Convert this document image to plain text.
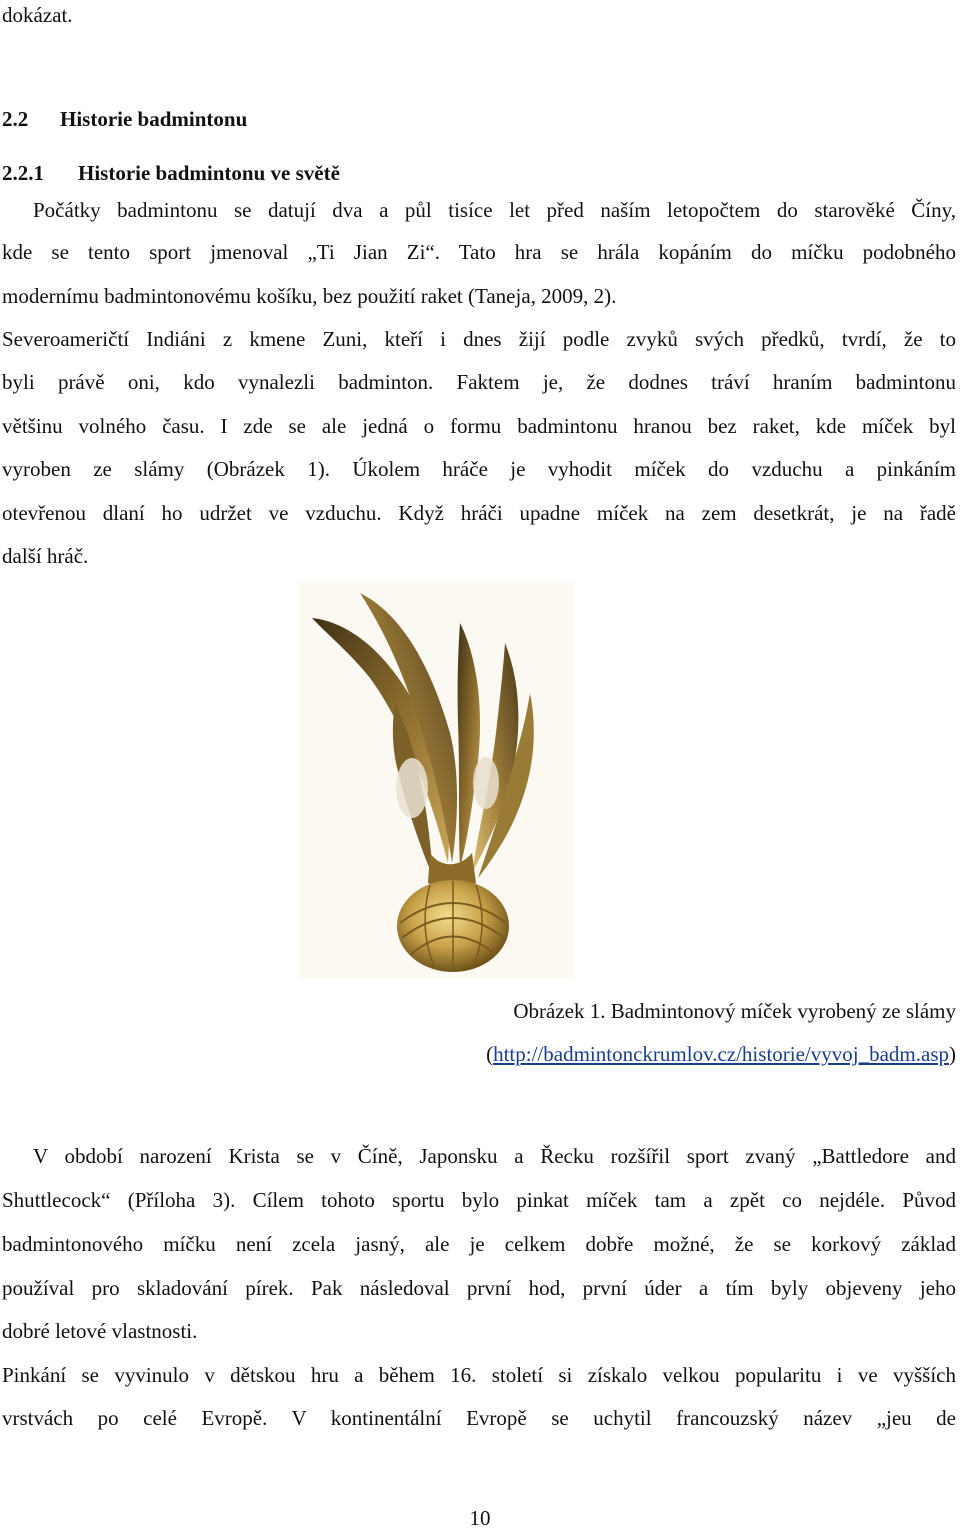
dokázat.
2.2 Historie badmintonu
2.2.1 Historie badmintonu ve světě
Počátky badmintonu se datují dva a půl tisíce let před naším letopočtem do starověké Číny,
kde se tento sport jmenoval „Ti Jian Zi“. Tato hra se hrála kopáním do míčku podobného
modernímu badmintonovému košíku, bez použití raket (Taneja, 2009, 2).
Severoameričtí Indiáni z kmene Zuni, kteří i dnes žijí podle zvyků svých předků, tvrdí, že to
byli právě oni, kdo vynalezli badminton. Faktem je, že dodnes tráví hraním badmintonu
většinu volného času. I zde se ale jedná o formu badmintonu hranou bez raket, kde míček byl
vyroben ze slámy (Obrázek 1). Úkolem hráče je vyhodit míček do vzduchu a pinkáním
otevřenou dlaní ho udržet ve vzduchu. Když hráči upadne míček na zem desetkrát, je na řadě
další hráč.
Obrázek 1. Badmintonový míček vyrobený ze slámy
(http://badmintonckrumlov.cz/historie/vyvoj_badm.asp)
V období narození Krista se v Číně, Japonsku a Řecku rozšířil sport zvaný „Battledore and
Shuttlecock“ (Příloha 3). Cílem tohoto sportu bylo pinkat míček tam a zpět co nejdéle. Původ
badmintonového míčku není zcela jasný, ale je celkem dobře možné, že se korkový základ
používal pro skladování pírek. Pak následoval první hod, první úder a tím byly objeveny jeho
dobré letové vlastnosti.
Pinkání se vyvinulo v dětskou hru a během 16. století si získalo velkou popularitu i ve vyšších
vrstvách po celé Evropě. V kontinentální Evropě se uchytil francouzský název „jeu de
10
